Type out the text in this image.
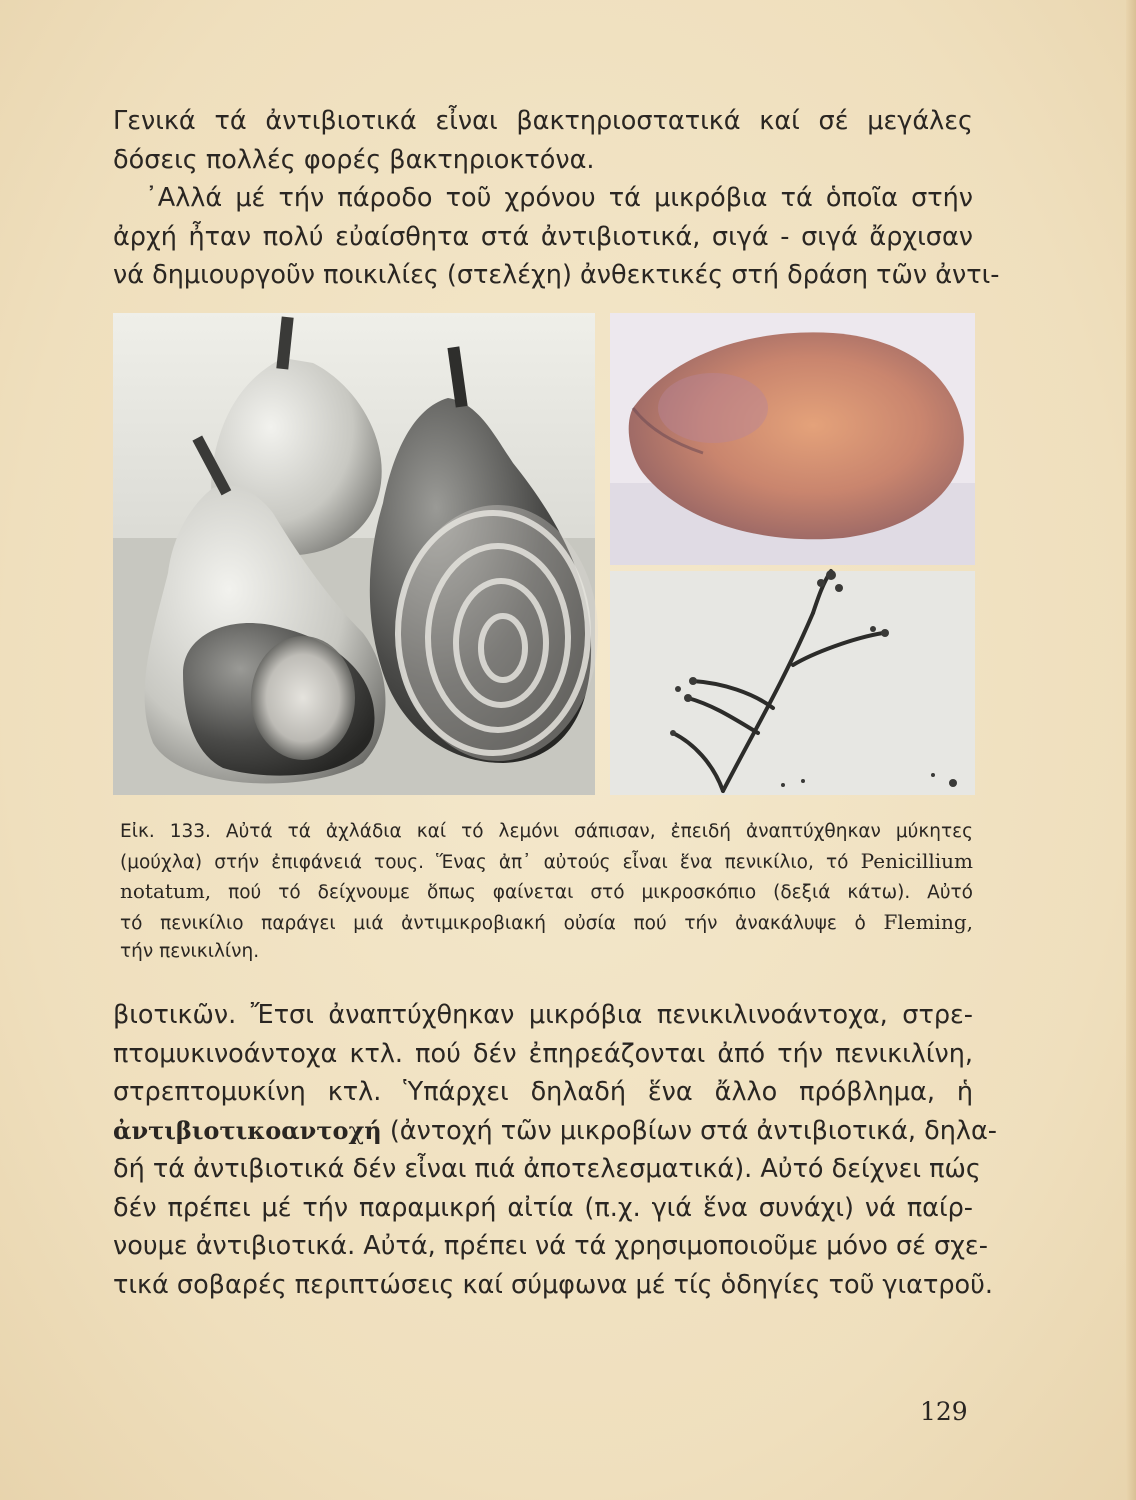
Γενικά τά ἀντιβιοτικά εἶναι βακτηριοστατικά καί σέ μεγάλες
δόσεις πολλές φορές βακτηριοκτόνα.
᾿Αλλά μέ τήν πάροδο τοῦ χρόνου τά μικρόβια τά ὁποῖα στήν
ἀρχή ἦταν πολύ εὐαίσθητα στά ἀντιβιοτικά, σιγά - σιγά ἄρχισαν
νά δημιουργοῦν ποικιλίες (στελέχη) ἀνθεκτικές στή δράση τῶν ἀντι-
Εἰκ. 133. Αὐτά τά ἀχλάδια καί τό λεμόνι σάπισαν, ἐπειδή ἀναπτύχθηκαν μύκητες
(μούχλα) στήν ἐπιφάνειά τους. Ἕνας ἀπ᾿ αὐτούς εἶναι ἕνα πενικίλιο, τό Penicillium
notatum, πού τό δείχνουμε ὅπως φαίνεται στό μικροσκόπιο (δεξιά κάτω). Αὐτό
τό πενικίλιο παράγει μιά ἀντιμικροβιακή οὐσία πού τήν ἀνακάλυψε ὁ Fleming,
τήν πενικιλίνη.
βιοτικῶν. Ἔτσι ἀναπτύχθηκαν μικρόβια πενικιλινοάντοχα, στρε-
πτομυκινοάντοχα κτλ. πού δέν ἐπηρεάζονται ἀπό τήν πενικιλίνη,
στρεπτομυκίνη κτλ. Ὑπάρχει δηλαδή ἕνα ἄλλο πρόβλημα, ἡ
ἀντιβιοτικοαντοχή (ἀντοχή τῶν μικροβίων στά ἀντιβιοτικά, δηλα-
δή τά ἀντιβιοτικά δέν εἶναι πιά ἀποτελεσματικά). Αὐτό δείχνει πώς
δέν πρέπει μέ τήν παραμικρή αἰτία (π.χ. γιά ἕνα συνάχι) νά παίρ-
νουμε ἀντιβιοτικά. Αὐτά, πρέπει νά τά χρησιμοποιοῦμε μόνο σέ σχε-
τικά σοβαρές περιπτώσεις καί σύμφωνα μέ τίς ὁδηγίες τοῦ γιατροῦ.
129
